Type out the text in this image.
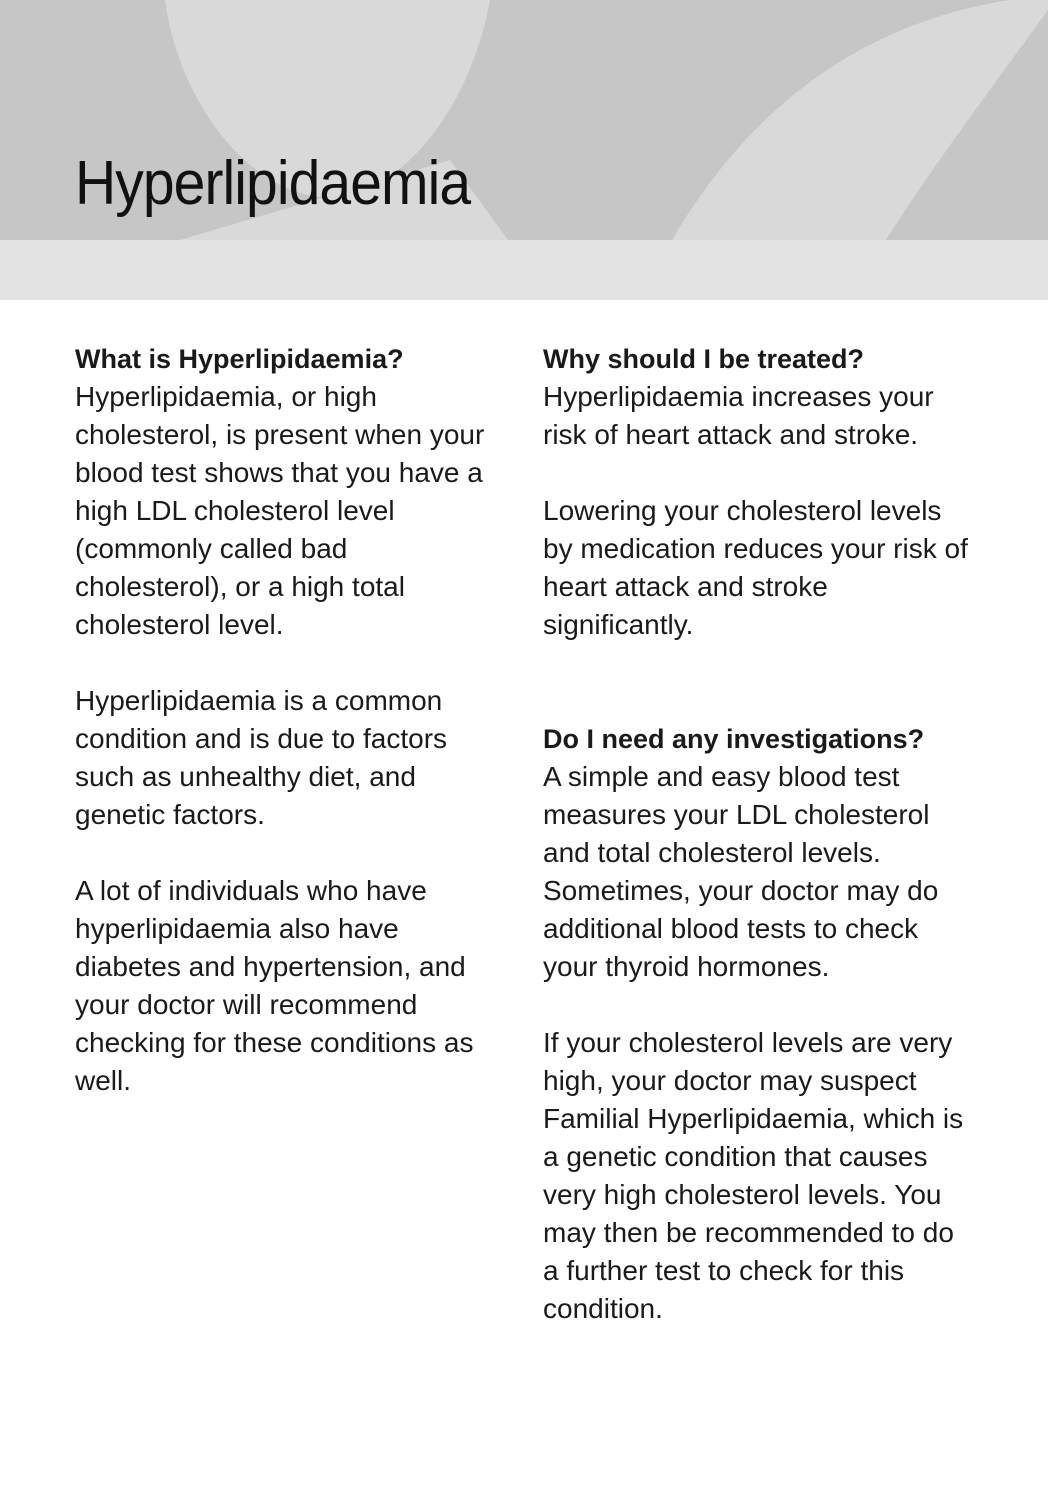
Hyperlipidaemia
What is Hyperlipidaemia?

Hyperlipidaemia, or high cholesterol, is present when your blood test shows that you have a high LDL cholesterol level (commonly called bad cholesterol), or a high total cholesterol level.

Hyperlipidaemia is a common condition and is due to factors such as unhealthy diet, and genetic factors.

A lot of individuals who have hyperlipidaemia also have diabetes and hypertension, and your doctor will recommend checking for these conditions as well.

Why should I be treated?

Hyperlipidaemia increases your risk of heart attack and stroke.

Lowering your cholesterol levels by medication reduces your risk of heart attack and stroke significantly.

Do I need any investigations?

A simple and easy blood test measures your LDL cholesterol and total cholesterol levels. Sometimes, your doctor may do additional blood tests to check your thyroid hormones.

If your cholesterol levels are very high, your doctor may suspect Familial Hyperlipidaemia, which is a genetic condition that causes very high cholesterol levels. You may then be recommended to do a further test to check for this condition.
